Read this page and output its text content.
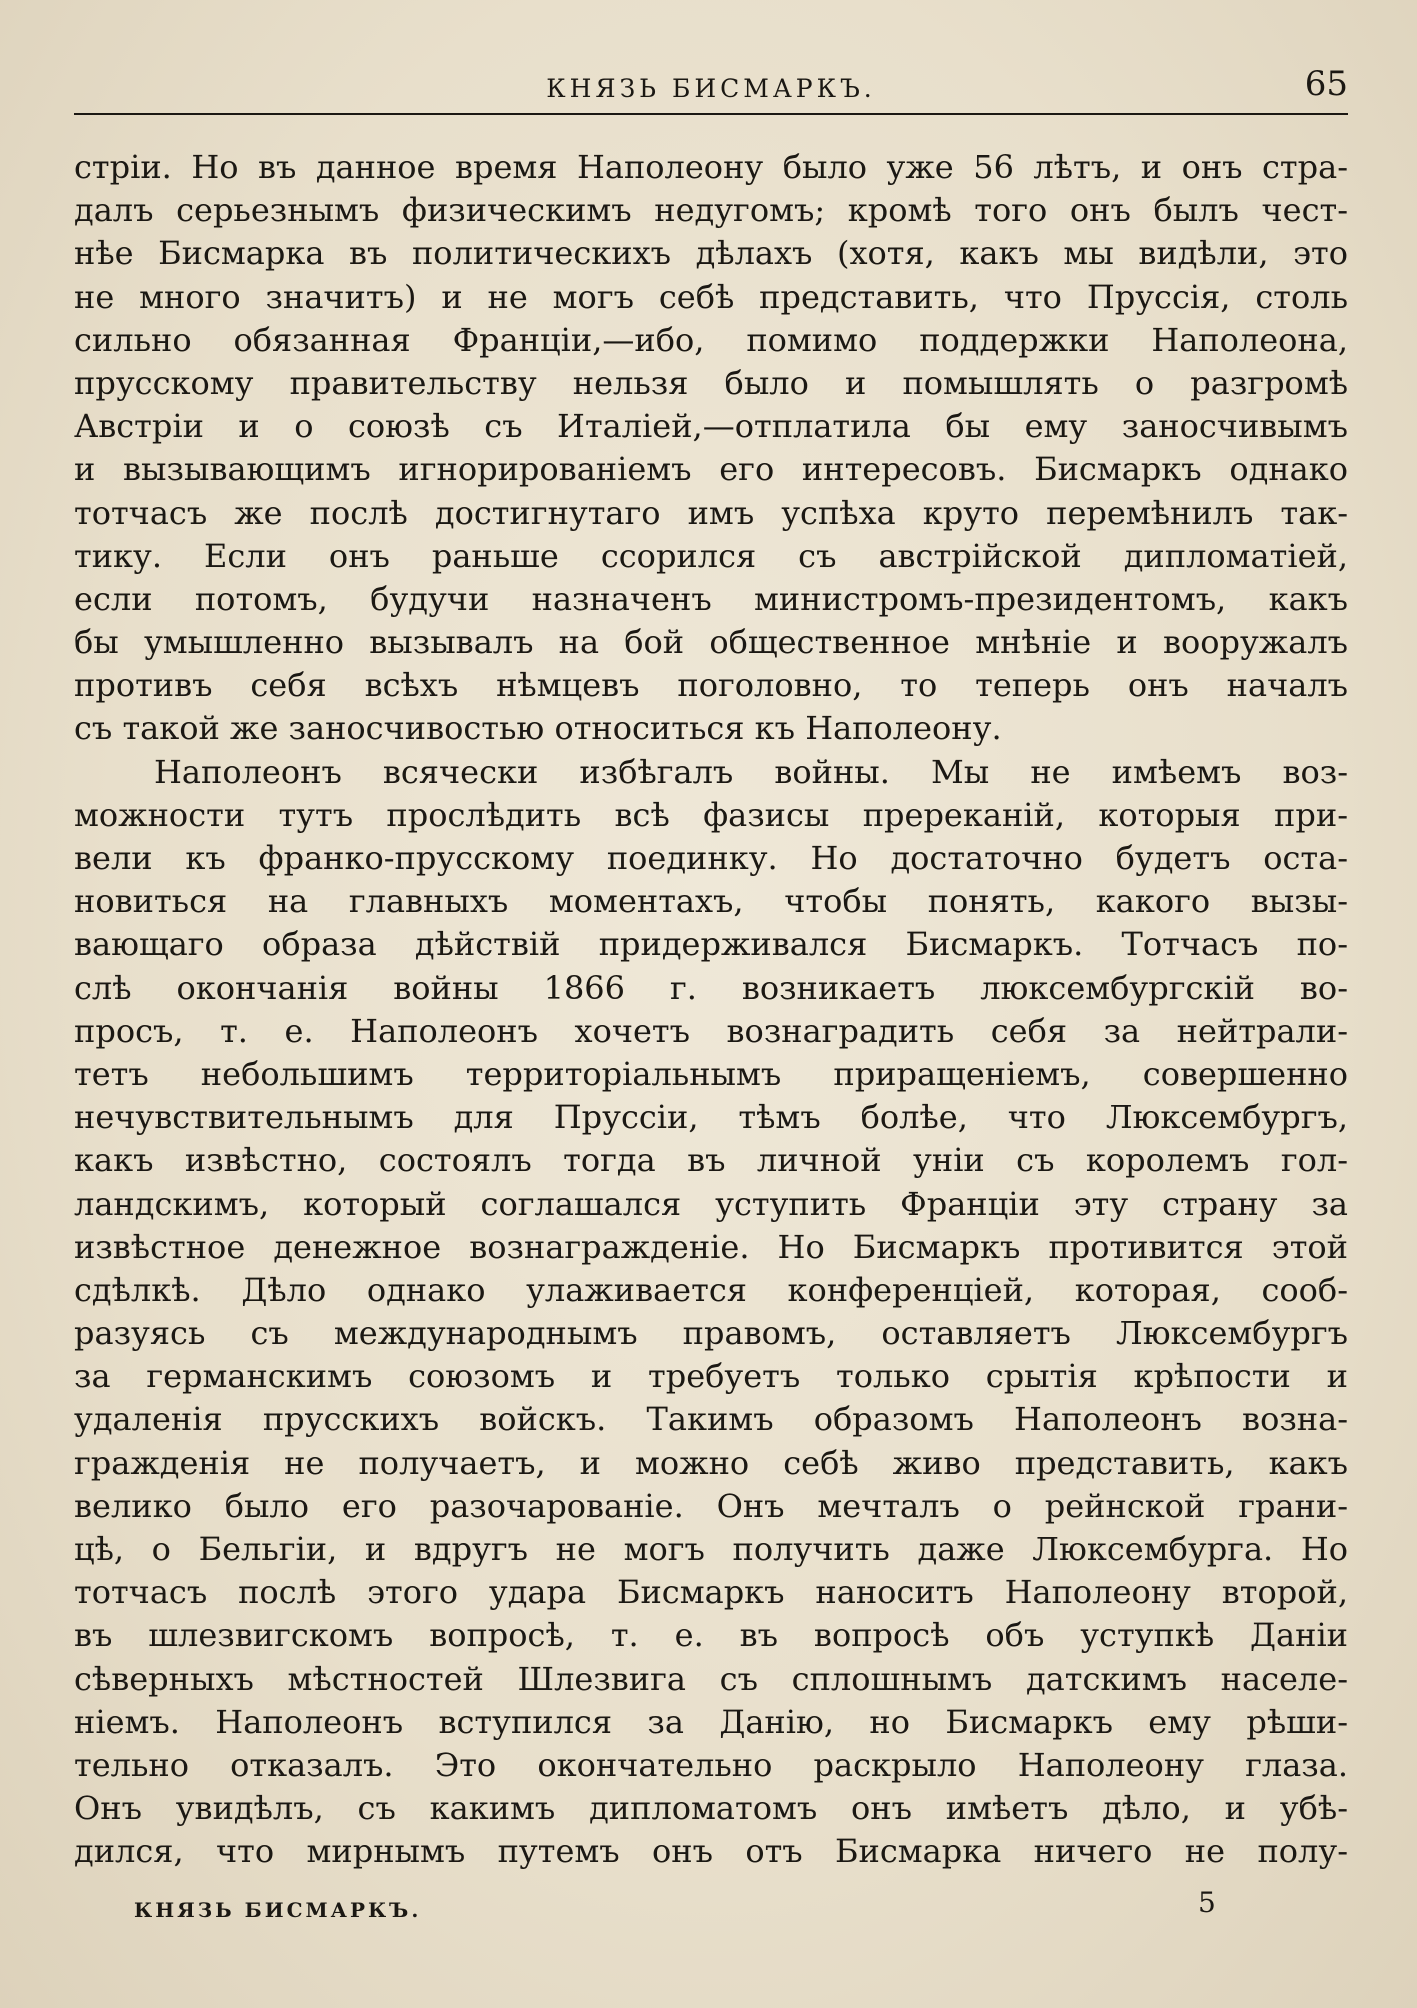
КНЯЗЬ БИСМАРКЪ.	65
стріи. Но въ данное время Наполеону было уже 56 лѣтъ, и онъ стра-
далъ серьезнымъ физическимъ недугомъ; кромѣ того онъ былъ чест-
нѣе Бисмарка въ политическихъ дѣлахъ (хотя, какъ мы видѣли, это
не много значитъ) и не могъ себѣ представить, что Пруссія, столь
сильно обязанная Франціи,—ибо, помимо поддержки Наполеона,
прусскому правительству нельзя было и помышлять о разгромѣ
Австріи и о союзѣ съ Италіей,—отплатила бы ему заносчивымъ
и вызывающимъ игнорированіемъ его интересовъ. Бисмаркъ однако
тотчасъ же послѣ достигнутаго имъ успѣха круто перемѣнилъ так-
тику. Если онъ раньше ссорился съ австрійской дипломатіей,
если потомъ, будучи назначенъ министромъ-президентомъ, какъ
бы умышленно вызывалъ на бой общественное мнѣніе и вооружалъ
противъ себя всѣхъ нѣмцевъ поголовно, то теперь онъ началъ
съ такой же заносчивостью относиться къ Наполеону.
Наполеонъ всячески избѣгалъ войны. Мы не имѣемъ воз-
можности тутъ прослѣдить всѣ фазисы пререканій, которыя при-
вели къ франко-прусскому поединку. Но достаточно будетъ оста-
новиться на главныхъ моментахъ, чтобы понять, какого вызы-
вающаго образа дѣйствій придерживался Бисмаркъ. Тотчасъ по-
слѣ окончанія войны 1866 г. возникаетъ люксембургскій во-
просъ, т. е. Наполеонъ хочетъ вознаградить себя за нейтрали-
тетъ небольшимъ территоріальнымъ приращеніемъ, совершенно
нечувствительнымъ для Пруссіи, тѣмъ болѣе, что Люксембургъ,
какъ извѣстно, состоялъ тогда въ личной уніи съ королемъ гол-
ландскимъ, который соглашался уступить Франціи эту страну за
извѣстное денежное вознагражденіе. Но Бисмаркъ противится этой
сдѣлкѣ. Дѣло однако улаживается конференціей, которая, сооб-
разуясь съ международнымъ правомъ, оставляетъ Люксембургъ
за германскимъ союзомъ и требуетъ только срытія крѣпости и
удаленія прусскихъ войскъ. Такимъ образомъ Наполеонъ возна-
гражденія не получаетъ, и можно себѣ живо представить, какъ
велико было его разочарованіе. Онъ мечталъ о рейнской грани-
цѣ, о Бельгіи, и вдругъ не могъ получить даже Люксембурга. Но
тотчасъ послѣ этого удара Бисмаркъ наноситъ Наполеону второй,
въ шлезвигскомъ вопросѣ, т. е. въ вопросѣ объ уступкѣ Даніи
сѣверныхъ мѣстностей Шлезвига съ сплошнымъ датскимъ населе-
ніемъ. Наполеонъ вступился за Данію, но Бисмаркъ ему рѣши-
тельно отказалъ. Это окончательно раскрыло Наполеону глаза.
Онъ увидѣлъ, съ какимъ дипломатомъ онъ имѣетъ дѣло, и убѣ-
дился, что мирнымъ путемъ онъ отъ Бисмарка ничего не полу-
КНЯЗЬ БИСМАРКЪ.	5
